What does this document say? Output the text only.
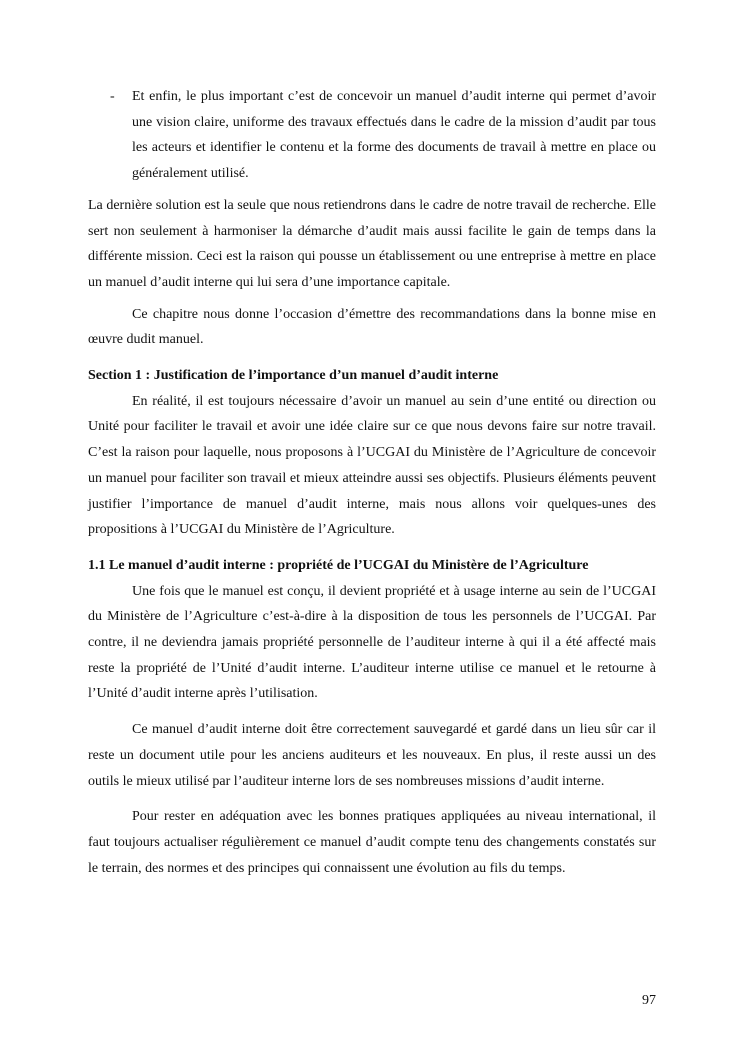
- Et enfin, le plus important c’est de concevoir un manuel d’audit interne qui permet d’avoir une vision claire, uniforme des travaux effectués dans le cadre de la mission d’audit par tous les acteurs et identifier le contenu et la forme des documents de travail à mettre en place ou généralement utilisé.

La dernière solution est la seule que nous retiendrons dans le cadre de notre travail de recherche. Elle sert non seulement à harmoniser la démarche d’audit mais aussi facilite le gain de temps dans la différente mission. Ceci est la raison qui pousse un établissement ou une entreprise à mettre en place un manuel d’audit interne qui lui sera d’une importance capitale.

Ce chapitre nous donne l’occasion d’émettre des recommandations dans la bonne mise en œuvre dudit manuel.

Section 1 : Justification de l’importance d’un manuel d’audit interne

En réalité, il est toujours nécessaire d’avoir un manuel au sein d’une entité ou direction ou Unité pour faciliter le travail et avoir une idée claire sur ce que nous devons faire sur notre travail. C’est la raison pour laquelle, nous proposons à l’UCGAI du Ministère de l’Agriculture de concevoir un manuel pour faciliter son travail et mieux atteindre aussi ses objectifs. Plusieurs éléments peuvent justifier l’importance de manuel d’audit interne, mais nous allons voir quelques-unes des propositions à l’UCGAI du Ministère de l’Agriculture.

1.1 Le manuel d’audit interne : propriété de l’UCGAI du Ministère de l’Agriculture

Une fois que le manuel est conçu, il devient propriété et à usage interne au sein de l’UCGAI du Ministère de l’Agriculture c’est-à-dire à la disposition de tous les personnels de l’UCGAI. Par contre, il ne deviendra jamais propriété personnelle de l’auditeur interne à qui il a été affecté mais reste la propriété de l’Unité d’audit interne. L’auditeur interne utilise ce manuel et le retourne à l’Unité d’audit interne après l’utilisation.

Ce manuel d’audit interne doit être correctement sauvegardé et gardé dans un lieu sûr car il reste un document utile pour les anciens auditeurs et les nouveaux. En plus, il reste aussi un des outils le mieux utilisé par l’auditeur interne lors de ses nombreuses missions d’audit interne.

Pour rester en adéquation avec les bonnes pratiques appliquées au niveau international, il faut toujours actualiser régulièrement ce manuel d’audit compte tenu des changements constatés sur le terrain, des normes et des principes qui connaissent une évolution au fils du temps.

97
